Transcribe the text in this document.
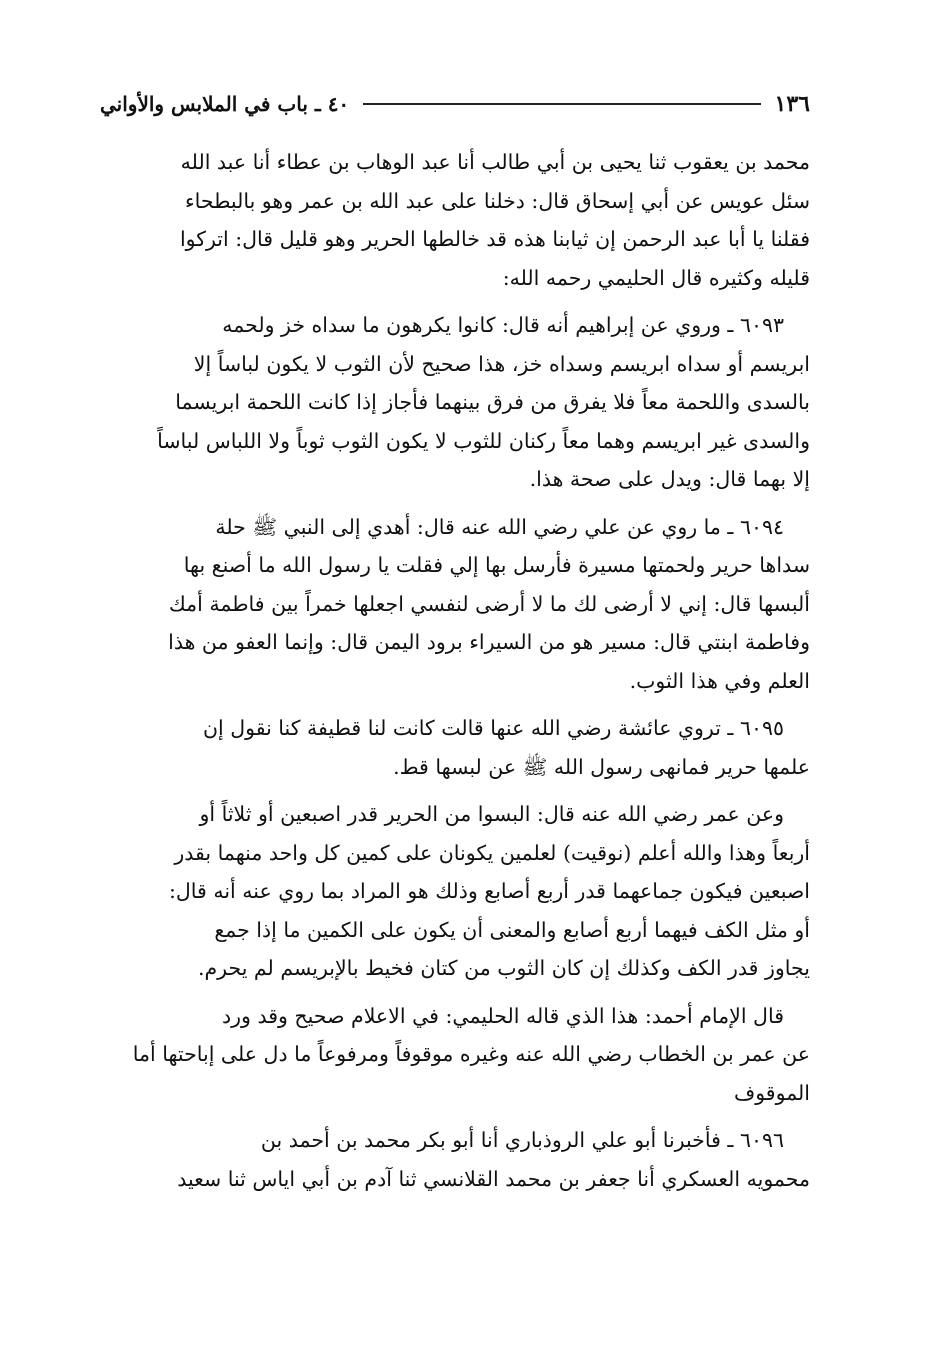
١٣٦
٤٠ ـ باب في الملابس والأواني
محمد بن يعقوب ثنا يحيى بن أبي طالب أنا عبد الوهاب بن عطاء أنا عبد الله
سئل عويس عن أبي إسحاق قال: دخلنا على عبد الله بن عمر وهو بالبطحاء
فقلنا يا أبا عبد الرحمن إن ثيابنا هذه قد خالطها الحرير وهو قليل قال: اتركوا
قليله وكثيره قال الحليمي رحمه الله:
٦٠٩٣ ـ وروي عن إبراهيم أنه قال: كانوا يكرهون ما سداه خز ولحمه
ابريسم أو سداه ابريسم وسداه خز، هذا صحيح لأن الثوب لا يكون لباساً إلا
بالسدى واللحمة معاً فلا يفرق من فرق بينهما فأجاز إذا كانت اللحمة ابريسما
والسدى غير ابريسم وهما معاً ركنان للثوب لا يكون الثوب ثوباً ولا اللباس لباساً
إلا بهما قال: ويدل على صحة هذا.
٦٠٩٤ ـ ما روي عن علي رضي الله عنه قال: أهدي إلى النبي ﷺ حلة
سداها حرير ولحمتها مسيرة فأرسل بها إلي فقلت يا رسول الله ما أصنع بها
ألبسها قال: إني لا أرضى لك ما لا أرضى لنفسي اجعلها خمراً بين فاطمة أمك
وفاطمة ابنتي قال: مسير هو من السيراء برود اليمن قال: وإنما العفو من هذا
العلم وفي هذا الثوب.
٦٠٩٥ ـ تروي عائشة رضي الله عنها قالت كانت لنا قطيفة كنا نقول إن
علمها حرير فمانهى رسول الله ﷺ عن لبسها قط.
وعن عمر رضي الله عنه قال: البسوا من الحرير قدر اصبعين أو ثلاثاً أو
أربعاً وهذا والله أعلم (نوقيت) لعلمين يكونان على كمين كل واحد منهما بقدر
اصبعين فيكون جماعهما قدر أربع أصابع وذلك هو المراد بما روي عنه أنه قال:
أو مثل الكف فيهما أربع أصابع والمعنى أن يكون على الكمين ما إذا جمع
يجاوز قدر الكف وكذلك إن كان الثوب من كتان فخيط بالإبريسم لم يحرم.
قال الإمام أحمد: هذا الذي قاله الحليمي: في الاعلام صحيح وقد ورد
عن عمر بن الخطاب رضي الله عنه وغيره موقوفاً ومرفوعاً ما دل على إباحتها أما
الموقوف
٦٠٩٦ ـ فأخبرنا أبو علي الروذباري أنا أبو بكر محمد بن أحمد بن
محمويه العسكري أنا جعفر بن محمد القلانسي ثنا آدم بن أبي اياس ثنا سعيد
